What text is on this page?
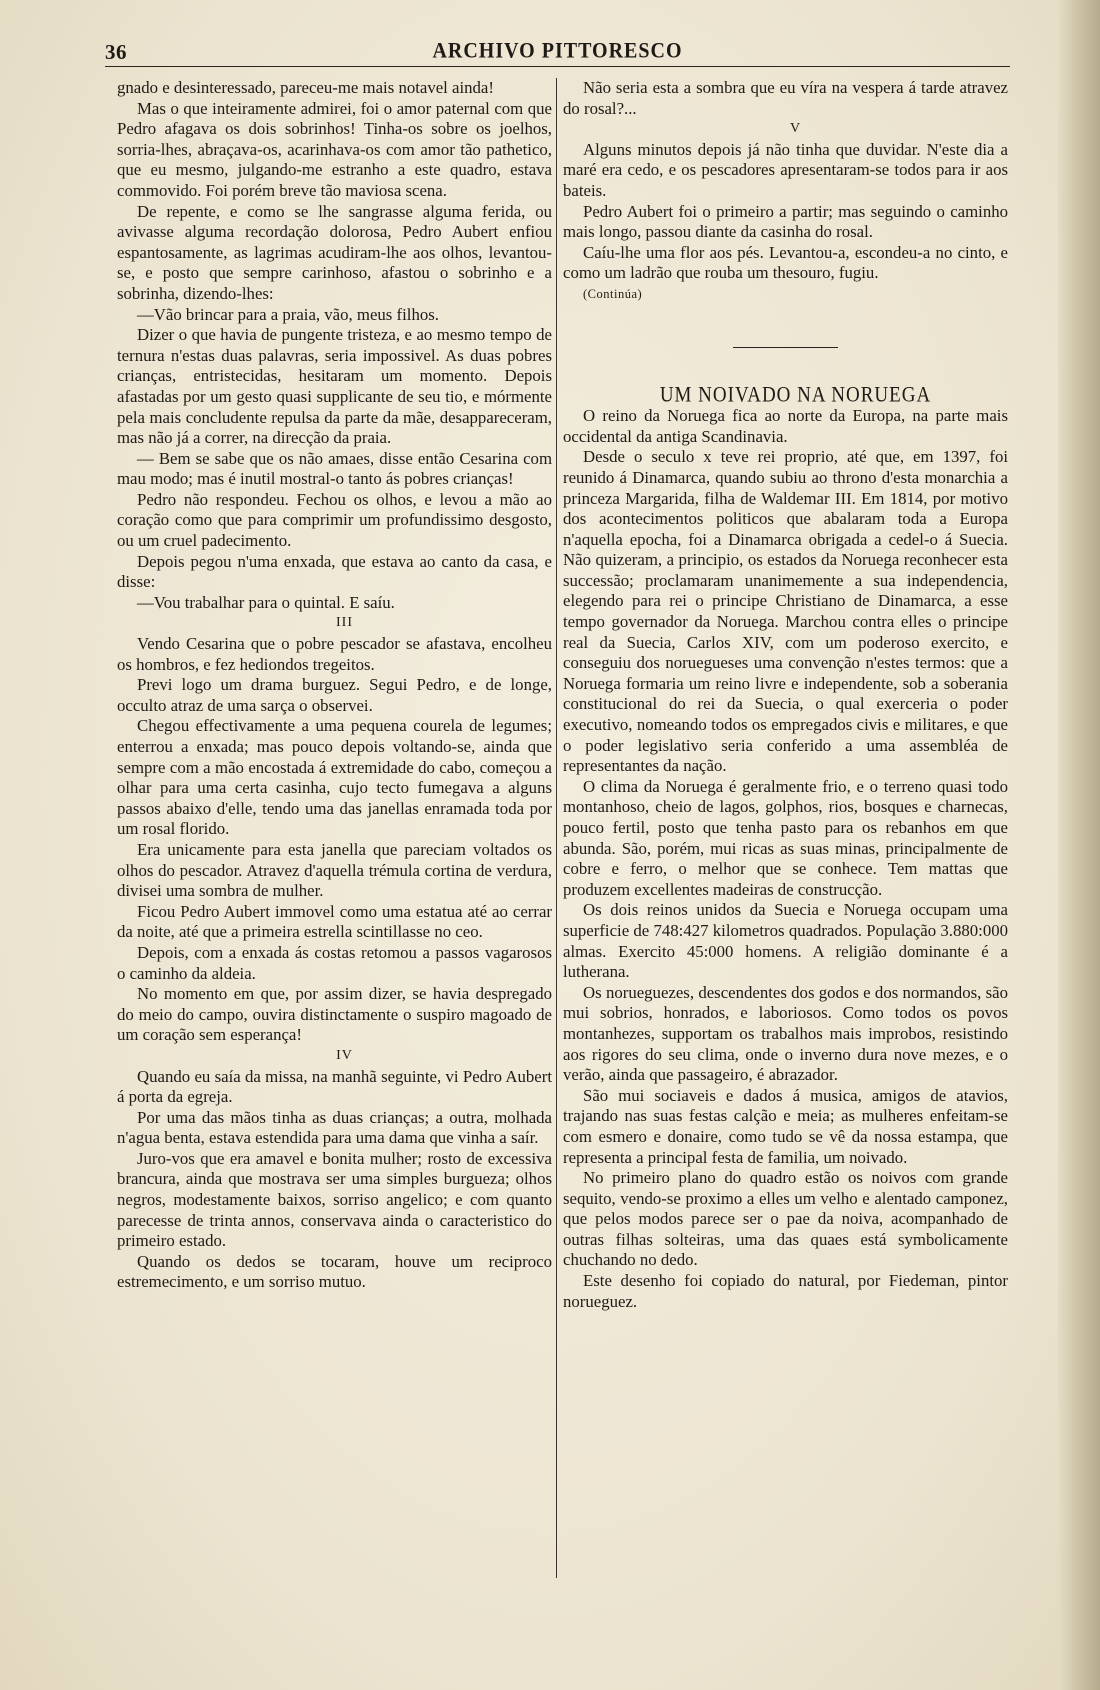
36	ARCHIVO PITTORESCO

gnado e desinteressado, pareceu-me mais notavel ainda!

Mas o que inteiramente admirei, foi o amor paternal com que Pedro afagava os dois sobrinhos! Tinha-os sobre os joelhos, sorria-lhes, abraçava-os, acarinhava-os com amor tão pathetico, que eu mesmo, julgando-me estranho a este quadro, estava commovido. Foi porém breve tão maviosa scena.

De repente, e como se lhe sangrasse alguma ferida, ou avivasse alguma recordação dolorosa, Pedro Aubert enfiou espantosamente, as lagrimas acudiram-lhe aos olhos, levantou-se, e posto que sempre carinhoso, afastou o sobrinho e a sobrinha, dizendo-lhes:

—Vão brincar para a praia, vão, meus filhos.

Dizer o que havia de pungente tristeza, e ao mesmo tempo de ternura n'estas duas palavras, seria impossivel. As duas pobres crianças, entristecidas, hesitaram um momento. Depois afastadas por um gesto quasi supplicante de seu tio, e mórmente pela mais concludente repulsa da parte da mãe, desappareceram, mas não já a correr, na direcção da praia.

— Bem se sabe que os não amaes, disse então Cesarina com mau modo; mas é inutil mostral-o tanto ás pobres crianças!

Pedro não respondeu. Fechou os olhos, e levou a mão ao coração como que para comprimir um profundissimo desgosto, ou um cruel padecimento.

Depois pegou n'uma enxada, que estava ao canto da casa, e disse:

—Vou trabalhar para o quintal. E saíu.

III

Vendo Cesarina que o pobre pescador se afastava, encolheu os hombros, e fez hediondos tregeitos.

Previ logo um drama burguez. Segui Pedro, e de longe, occulto atraz de uma sarça o observei.

Chegou effectivamente a uma pequena courela de legumes; enterrou a enxada; mas pouco depois voltando-se, ainda que sempre com a mão encostada á extremidade do cabo, começou a olhar para uma certa casinha, cujo tecto fumegava a alguns passos abaixo d'elle, tendo uma das janellas enramada toda por um rosal florido.

Era unicamente para esta janella que pareciam voltados os olhos do pescador. Atravez d'aquella trémula cortina de verdura, divisei uma sombra de mulher.

Ficou Pedro Aubert immovel como uma estatua até ao cerrar da noite, até que a primeira estrella scintillasse no ceo.

Depois, com a enxada ás costas retomou a passos vagarosos o caminho da aldeia.

No momento em que, por assim dizer, se havia despregado do meio do campo, ouvira distinctamente o suspiro magoado de um coração sem esperança!

IV

Quando eu saía da missa, na manhã seguinte, vi Pedro Aubert á porta da egreja.

Por uma das mãos tinha as duas crianças; a outra, molhada n'agua benta, estava estendida para uma dama que vinha a saír.

Juro-vos que era amavel e bonita mulher; rosto de excessiva brancura, ainda que mostrava ser uma simples burgueza; olhos negros, modestamente baixos, sorriso angelico; e com quanto parecesse de trinta annos, conservava ainda o caracteristico do primeiro estado.

Quando os dedos se tocaram, houve um reciproco estremecimento, e um sorriso mutuo.

Não seria esta a sombra que eu víra na vespera á tarde atravez do rosal?...

V

Alguns minutos depois já não tinha que duvidar. N'este dia a maré era cedo, e os pescadores apresentaram-se todos para ir aos bateis.

Pedro Aubert foi o primeiro a partir; mas seguindo o caminho mais longo, passou diante da casinha do rosal.

Caíu-lhe uma flor aos pés. Levantou-a, escondeu-a no cinto, e como um ladrão que rouba um thesouro, fugiu.

(Continúa)

UM NOIVADO NA NORUEGA

O reino da Noruega fica ao norte da Europa, na parte mais occidental da antiga Scandinavia.

Desde o seculo x teve rei proprio, até que, em 1397, foi reunido á Dinamarca, quando subiu ao throno d'esta monarchia a princeza Margarida, filha de Waldemar III. Em 1814, por motivo dos acontecimentos politicos que abalaram toda a Europa n'aquella epocha, foi a Dinamarca obrigada a cedel-o á Suecia. Não quizeram, a principio, os estados da Noruega reconhecer esta successão; proclamaram unanimemente a sua independencia, elegendo para rei o principe Christiano de Dinamarca, a esse tempo governador da Noruega. Marchou contra elles o principe real da Suecia, Carlos XIV, com um poderoso exercito, e conseguiu dos noruegueses uma convenção n'estes termos: que a Noruega formaria um reino livre e independente, sob a soberania constitucional do rei da Suecia, o qual exerceria o poder executivo, nomeando todos os empregados civis e militares, e que o poder legislativo seria conferido a uma assembléa de representantes da nação.

O clima da Noruega é geralmente frio, e o terreno quasi todo montanhoso, cheio de lagos, golphos, rios, bosques e charnecas, pouco fertil, posto que tenha pasto para os rebanhos em que abunda. São, porém, mui ricas as suas minas, principalmente de cobre e ferro, o melhor que se conhece. Tem mattas que produzem excellentes madeiras de construcção.

Os dois reinos unidos da Suecia e Noruega occupam uma superficie de 748:427 kilometros quadrados. População 3.880:000 almas. Exercito 45:000 homens. A religião dominante é a lutherana.

Os norueguezes, descendentes dos godos e dos normandos, são mui sobrios, honrados, e laboriosos. Como todos os povos montanhezes, supportam os trabalhos mais improbos, resistindo aos rigores do seu clima, onde o inverno dura nove mezes, e o verão, ainda que passageiro, é abrazador.

São mui sociaveis e dados á musica, amigos de atavios, trajando nas suas festas calção e meia; as mulheres enfeitam-se com esmero e donaire, como tudo se vê da nossa estampa, que representa a principal festa de familia, um noivado.

No primeiro plano do quadro estão os noivos com grande sequito, vendo-se proximo a elles um velho e alentado camponez, que pelos modos parece ser o pae da noiva, acompanhado de outras filhas solteiras, uma das quaes está symbolicamente chuchando no dedo.

Este desenho foi copiado do natural, por Fiedeman, pintor norueguez.
